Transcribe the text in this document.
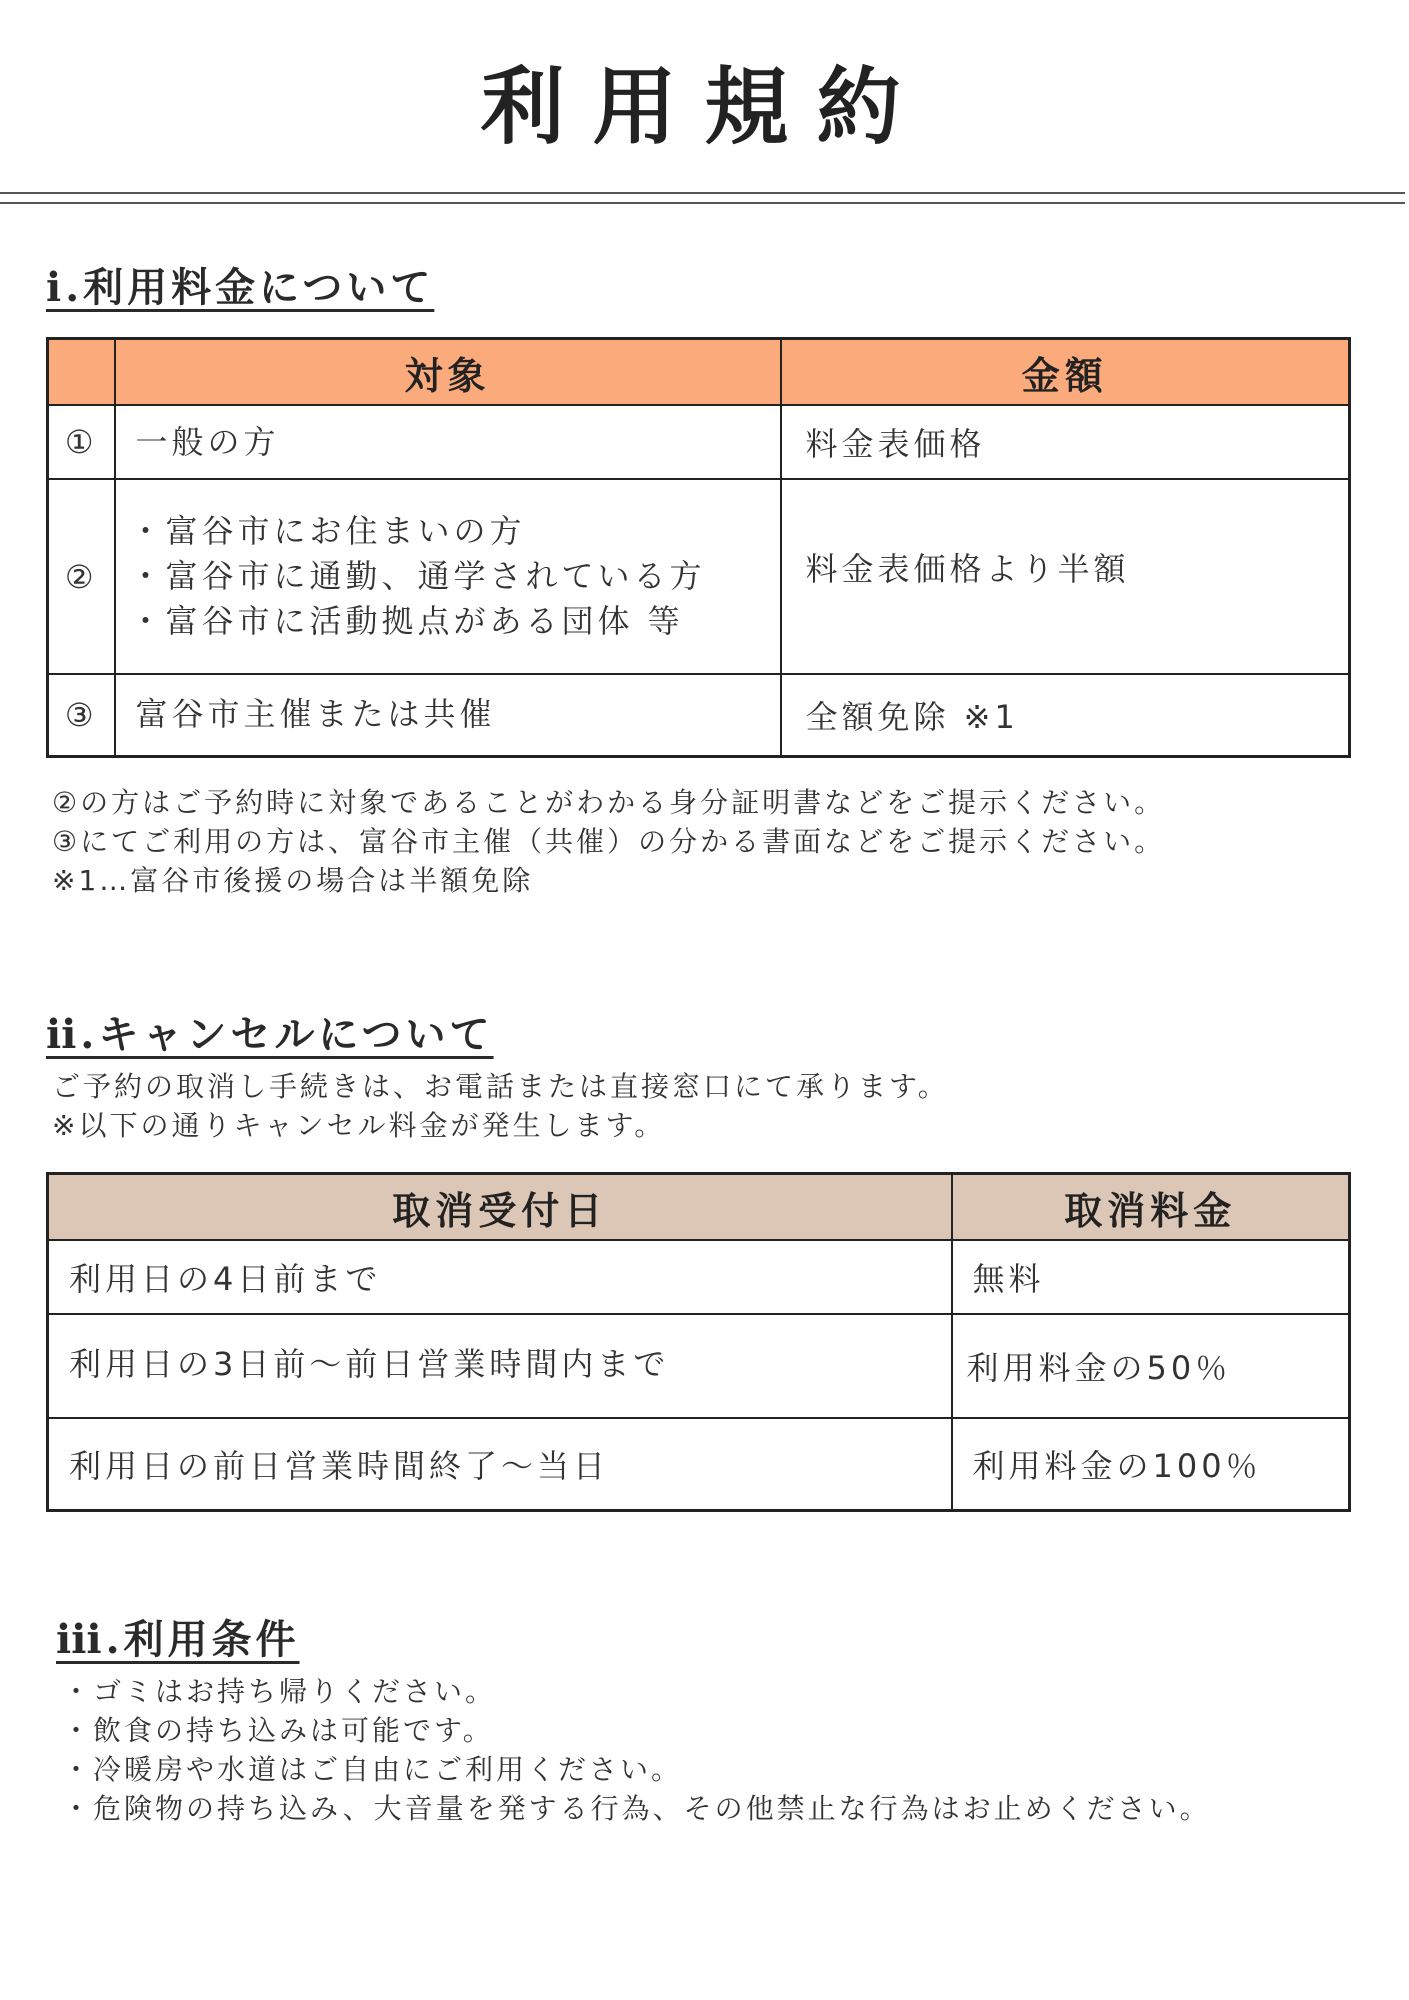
利用規約
ⅰ.利用料金について
	対象	金額
①	一般の方	料金表価格
②	・富谷市にお住まいの方
・富谷市に通勤、通学されている方
・富谷市に活動拠点がある団体 等	料金表価格より半額
③	富谷市主催または共催	全額免除 ※1
②の方はご予約時に対象であることがわかる身分証明書などをご提示ください。
③にてご利用の方は、富谷市主催（共催）の分かる書面などをご提示ください。
※1…富谷市後援の場合は半額免除
ⅱ.キャンセルについて
ご予約の取消し手続きは、お電話または直接窓口にて承ります。
※以下の通りキャンセル料金が発生します。
取消受付日	取消料金
利用日の4日前まで	無料
利用日の3日前～前日営業時間内まで	利用料金の50％
利用日の前日営業時間終了～当日	利用料金の100％
ⅲ.利用条件
・ゴミはお持ち帰りください。
・飲食の持ち込みは可能です。
・冷暖房や水道はご自由にご利用ください。
・危険物の持ち込み、大音量を発する行為、その他禁止な行為はお止めください。
